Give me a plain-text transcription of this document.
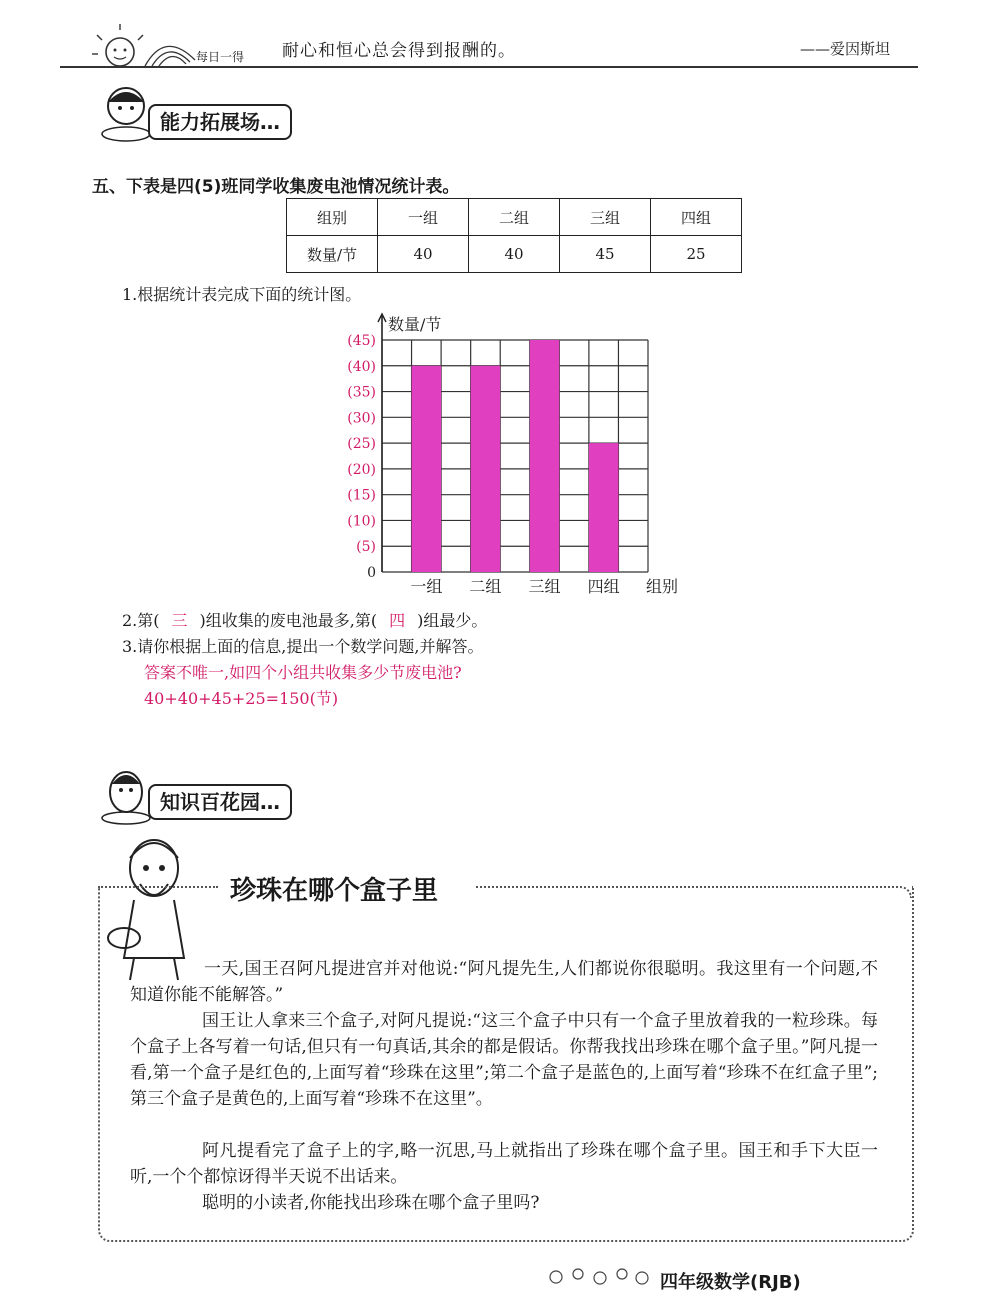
每日一得 耐心和恒心总会得到报酬的。	——爱因斯坦
能力拓展场…
五、下表是四(5)班同学收集废电池情况统计表。
组别	一组	二组	三组	四组
数量/节	40	40	45	25
1.根据统计表完成下面的统计图。
0
(5)
(10)
(15)
(20)
(25)
(30)
(35)
(40)
(45)
一组 二组 三组 四组
数量/节
组别
2.第( 三 )组收集的废电池最多,第( 四 )组最少。
3.请你根据上面的信息,提出一个数学问题,并解答。
答案不唯一,如四个小组共收集多少节废电池?
40+40+45+25=150(节)
知识百花园…
珍珠在哪个盒子里

一天,国王召阿凡提进宫并对他说:“阿凡提先生,人们都说你很聪明。我这里有一个问题,不知道你能不能解答。”

国王让人拿来三个盒子,对阿凡提说:“这三个盒子中只有一个盒子里放着我的一粒珍珠。每个盒子上各写着一句话,但只有一句真话,其余的都是假话。你帮我找出珍珠在哪个盒子里。”阿凡提一看,第一个盒子是红色的,上面写着“珍珠在这里”;第二个盒子是蓝色的,上面写着“珍珠不在红盒子里”;第三个盒子是黄色的,上面写着“珍珠不在这里”。

阿凡提看完了盒子上的字,略一沉思,马上就指出了珍珠在哪个盒子里。国王和手下大臣一听,一个个都惊讶得半天说不出话来。

聪明的小读者,你能找出珍珠在哪个盒子里吗?

四年级数学(RJB)
